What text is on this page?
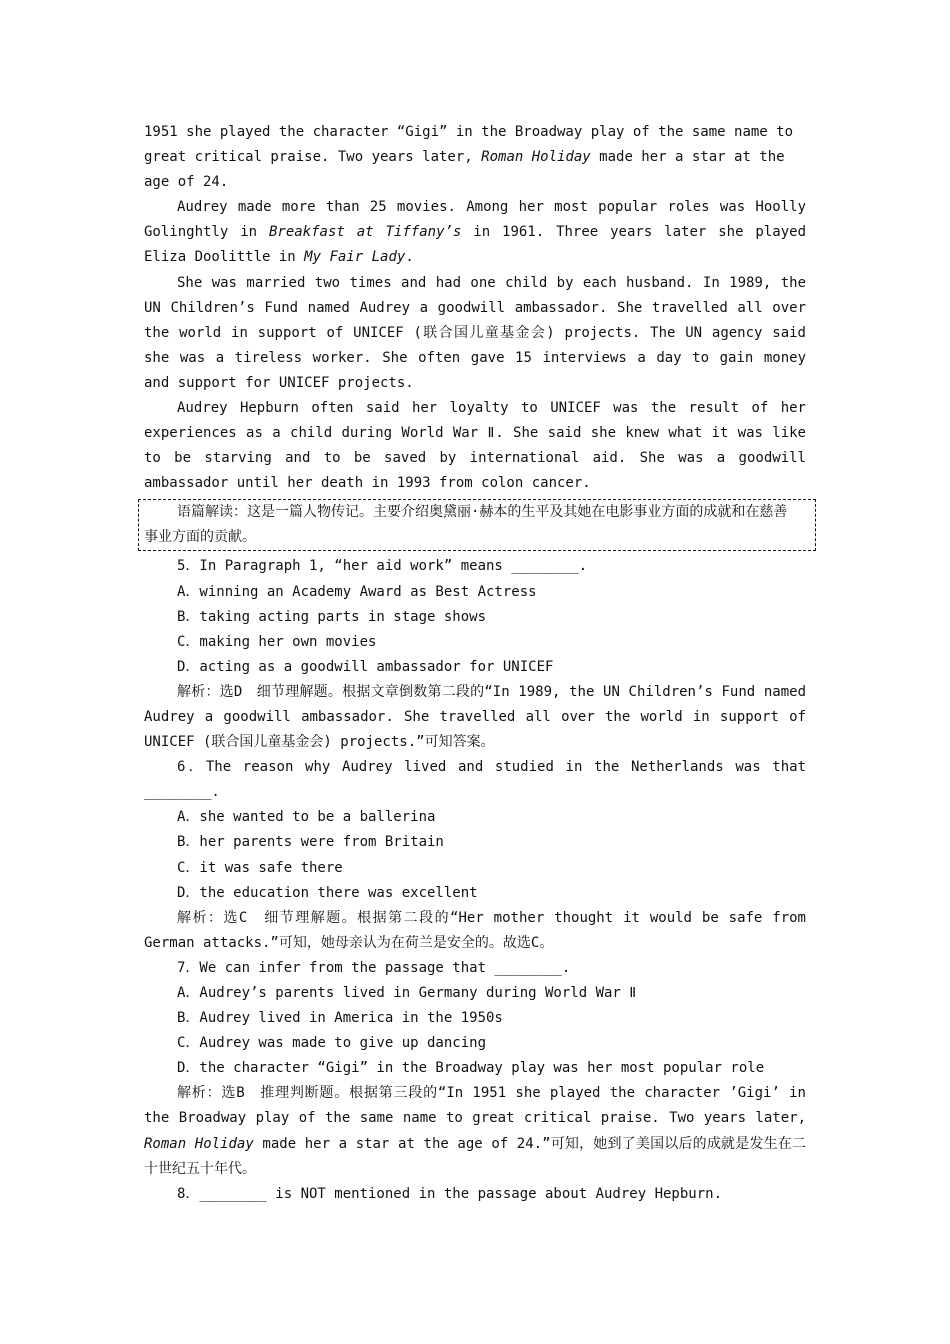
1951 she played the character “Gigi” in the Broadway play of the same name to
great critical praise. Two years later, Roman Holiday made her a star at the
age of 24.

Audrey made more than 25 movies. Among her most popular roles was Hoolly Golinghtly in Breakfast at Tiffany’s in 1961. Three years later she played Eliza Doolittle in My Fair Lady.

She was married two times and had one child by each husband. In 1989, the UN Children’s Fund named Audrey a goodwill ambassador. She travelled all over the world in support of UNICEF (联合国儿童基金会) projects. The UN agency said she was a tireless worker. She often gave 15 interviews a day to gain money and support for UNICEF projects.

Audrey Hepburn often said her loyalty to UNICEF was the result of her experiences as a child during World War Ⅱ. She said she knew what it was like to be starving and to be saved by international aid. She was a goodwill ambassador until her death in 1993 from colon cancer.

语篇解读：这是一篇人物传记。主要介绍奥黛丽·赫本的生平及其她在电影事业方面的成就和在慈善事业方面的贡献。

5．In Paragraph 1, “her aid work” means ________.

A．winning an Academy Award as Best Actress

B．taking acting parts in stage shows

C．making her own movies

D．acting as a goodwill ambassador for UNICEF

解析：选D　细节理解题。根据文章倒数第二段的“In 1989, the UN Children’s Fund named Audrey a goodwill ambassador. She travelled all over the world in support of UNICEF (联合国儿童基金会) projects.”可知答案。

6．The reason why Audrey lived and studied in the Netherlands was that ________.

A．she wanted to be a ballerina

B．her parents were from Britain

C．it was safe there

D．the education there was excellent

解析：选C　细节理解题。根据第二段的“Her mother thought it would be safe from German attacks.”可知，她母亲认为在荷兰是安全的。故选C。

7．We can infer from the passage that ________.

A．Audrey’s parents lived in Germany during World War Ⅱ

B．Audrey lived in America in the 1950s

C．Audrey was made to give up dancing

D．the character “Gigi” in the Broadway play was her most popular role

解析：选B　推理判断题。根据第三段的“In 1951 she played the character ’Gigi’ in the Broadway play of the same name to great critical praise. Two years later, Roman Holiday made her a star at the age of 24.”可知，她到了美国以后的成就是发生在二十世纪五十年代。

8．________ is NOT mentioned in the passage about Audrey Hepburn.
